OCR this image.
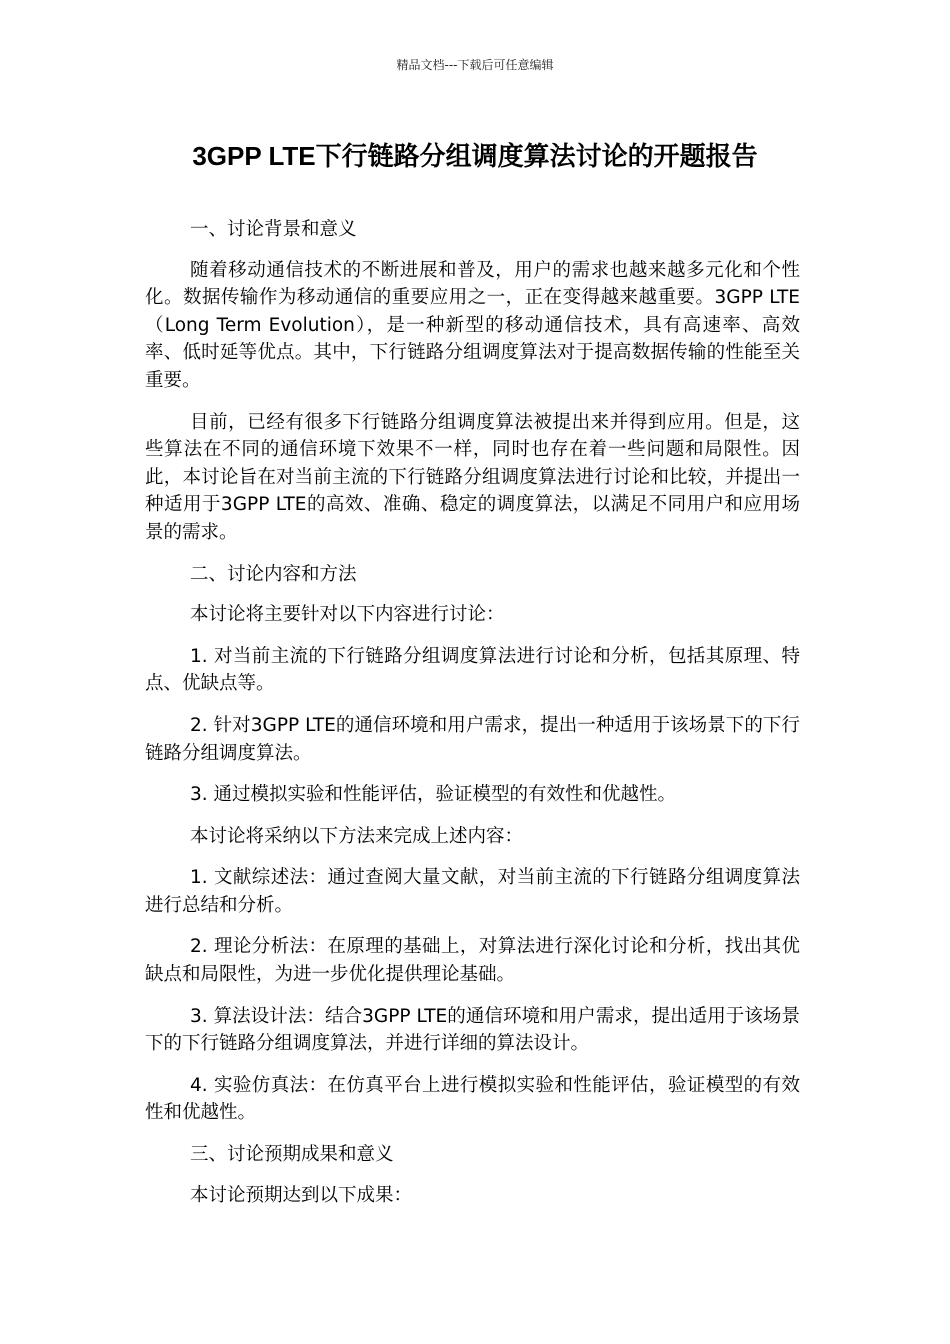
精品文档---下载后可任意编辑
3GPP LTE下行链路分组调度算法讨论的开题报告

一、讨论背景和意义

随着移动通信技术的不断进展和普及，用户的需求也越来越多元化和个性化。数据传输作为移动通信的重要应用之一，正在变得越来越重要。3GPP LTE（Long Term Evolution），是一种新型的移动通信技术，具有高速率、高效率、低时延等优点。其中，下行链路分组调度算法对于提高数据传输的性能至关重要。

目前，已经有很多下行链路分组调度算法被提出来并得到应用。但是，这些算法在不同的通信环境下效果不一样，同时也存在着一些问题和局限性。因此，本讨论旨在对当前主流的下行链路分组调度算法进行讨论和比较，并提出一种适用于3GPP LTE的高效、准确、稳定的调度算法，以满足不同用户和应用场景的需求。

二、讨论内容和方法

本讨论将主要针对以下内容进行讨论：

1. 对当前主流的下行链路分组调度算法进行讨论和分析，包括其原理、特点、优缺点等。

2. 针对3GPP LTE的通信环境和用户需求，提出一种适用于该场景下的下行链路分组调度算法。

3. 通过模拟实验和性能评估，验证模型的有效性和优越性。

本讨论将采纳以下方法来完成上述内容：

1. 文献综述法：通过查阅大量文献，对当前主流的下行链路分组调度算法进行总结和分析。

2. 理论分析法：在原理的基础上，对算法进行深化讨论和分析，找出其优缺点和局限性，为进一步优化提供理论基础。

3. 算法设计法：结合3GPP LTE的通信环境和用户需求，提出适用于该场景下的下行链路分组调度算法，并进行详细的算法设计。

4. 实验仿真法：在仿真平台上进行模拟实验和性能评估，验证模型的有效性和优越性。

三、讨论预期成果和意义

本讨论预期达到以下成果：
